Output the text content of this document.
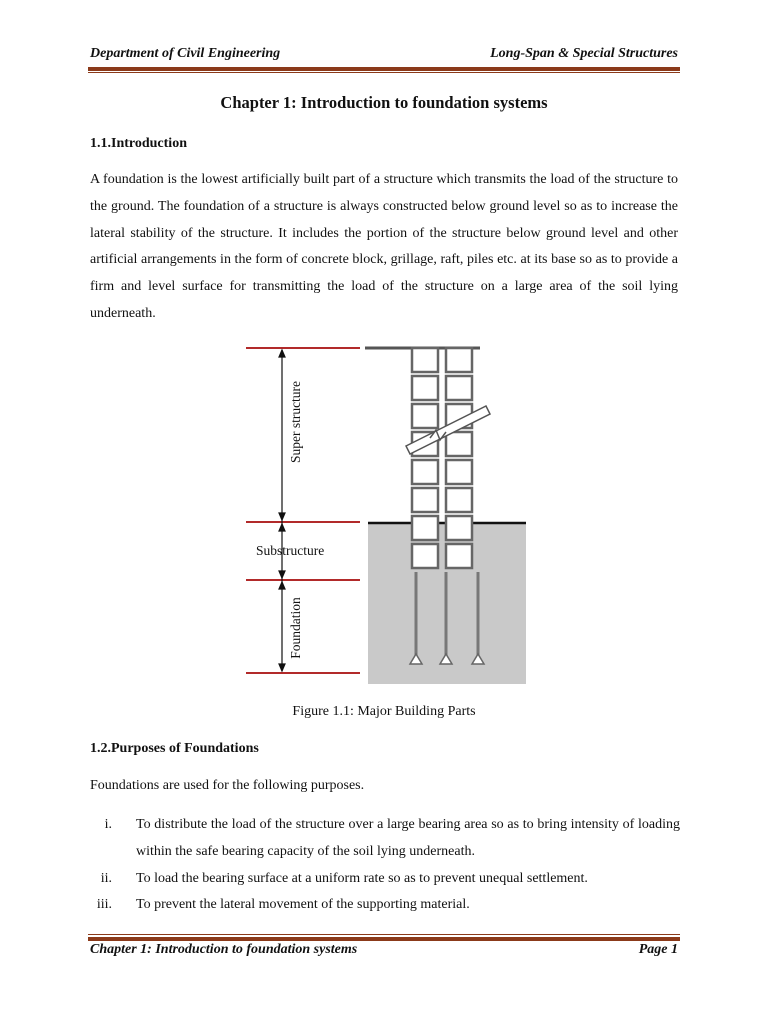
Department of Civil Engineering	Long-Span & Special Structures
Chapter 1: Introduction to foundation systems
1.1.Introduction

A foundation is the lowest artificially built part of a structure which transmits the load of the structure to the ground. The foundation of a structure is always constructed below ground level so as to increase the lateral stability of the structure. It includes the portion of the structure below ground level and other artificial arrangements in the form of concrete block, grillage, raft, piles etc. at its base so as to provide a firm and level surface for transmitting the load of the structure on a large area of the soil lying underneath.

Super structure
Substructure
Foundation
Figure 1.1: Major Building Parts
1.2.Purposes of Foundations
Foundations are used for the following purposes.
i. To distribute the load of the structure over a large bearing area so as to bring intensity of loading within the safe bearing capacity of the soil lying underneath.
ii. To load the bearing surface at a uniform rate so as to prevent unequal settlement.
iii. To prevent the lateral movement of the supporting material.
Chapter 1: Introduction to foundation systems	Page 1
